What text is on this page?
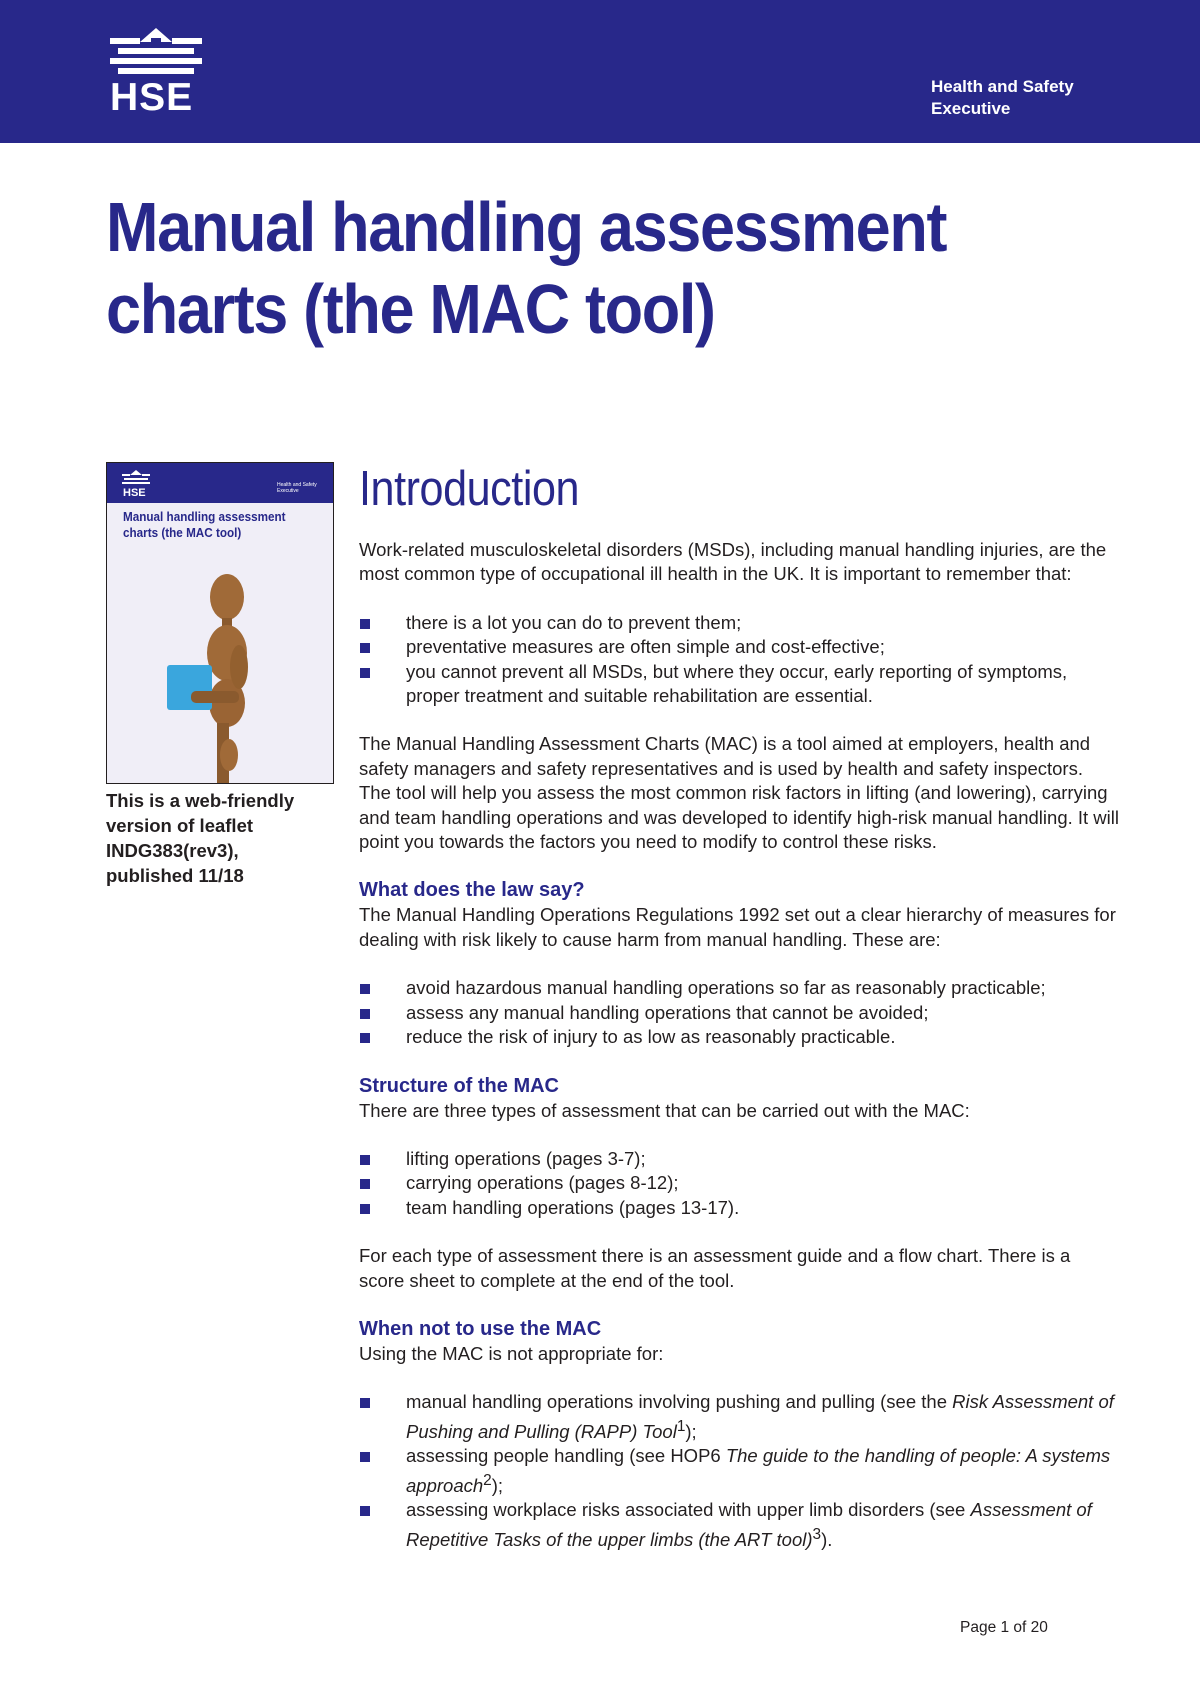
HSE	Health and Safety
Executive
Manual handling assessment
charts (the MAC tool)
HSE
Health and Safety Executive
Manual handling assessment
charts (the MAC tool)
This is a web-friendly
version of leaflet
INDG383(rev3),
published 11/18
Introduction

Work-related musculoskeletal disorders (MSDs), including manual handling injuries, are the most common type of occupational ill health in the UK. It is important to remember that:

there is a lot you can do to prevent them;
preventative measures are often simple and cost-effective;
you cannot prevent all MSDs, but where they occur, early reporting of symptoms, proper treatment and suitable rehabilitation are essential.

The Manual Handling Assessment Charts (MAC) is a tool aimed at employers, health and safety managers and safety representatives and is used by health and safety inspectors. The tool will help you assess the most common risk factors in lifting (and lowering), carrying and team handling operations and was developed to identify high-risk manual handling. It will point you towards the factors you need to modify to control these risks.

What does the law say?

The Manual Handling Operations Regulations 1992 set out a clear hierarchy of measures for dealing with risk likely to cause harm from manual handling. These are:

avoid hazardous manual handling operations so far as reasonably practicable;
assess any manual handling operations that cannot be avoided;
reduce the risk of injury to as low as reasonably practicable.
Structure of the MAC

There are three types of assessment that can be carried out with the MAC:

lifting operations (pages 3-7);
carrying operations (pages 8-12);
team handling operations (pages 13-17).

For each type of assessment there is an assessment guide and a flow chart. There is a score sheet to complete at the end of the tool.

When not to use the MAC

Using the MAC is not appropriate for:

manual handling operations involving pushing and pulling (see the Risk Assessment of Pushing and Pulling (RAPP) Tool$^1$);
assessing people handling (see HOP6 The guide to the handling of people: A systems approach$^2$);
assessing workplace risks associated with upper limb disorders (see Assessment of Repetitive Tasks of the upper limbs (the ART tool)$^3$).
Page 1 of 20
